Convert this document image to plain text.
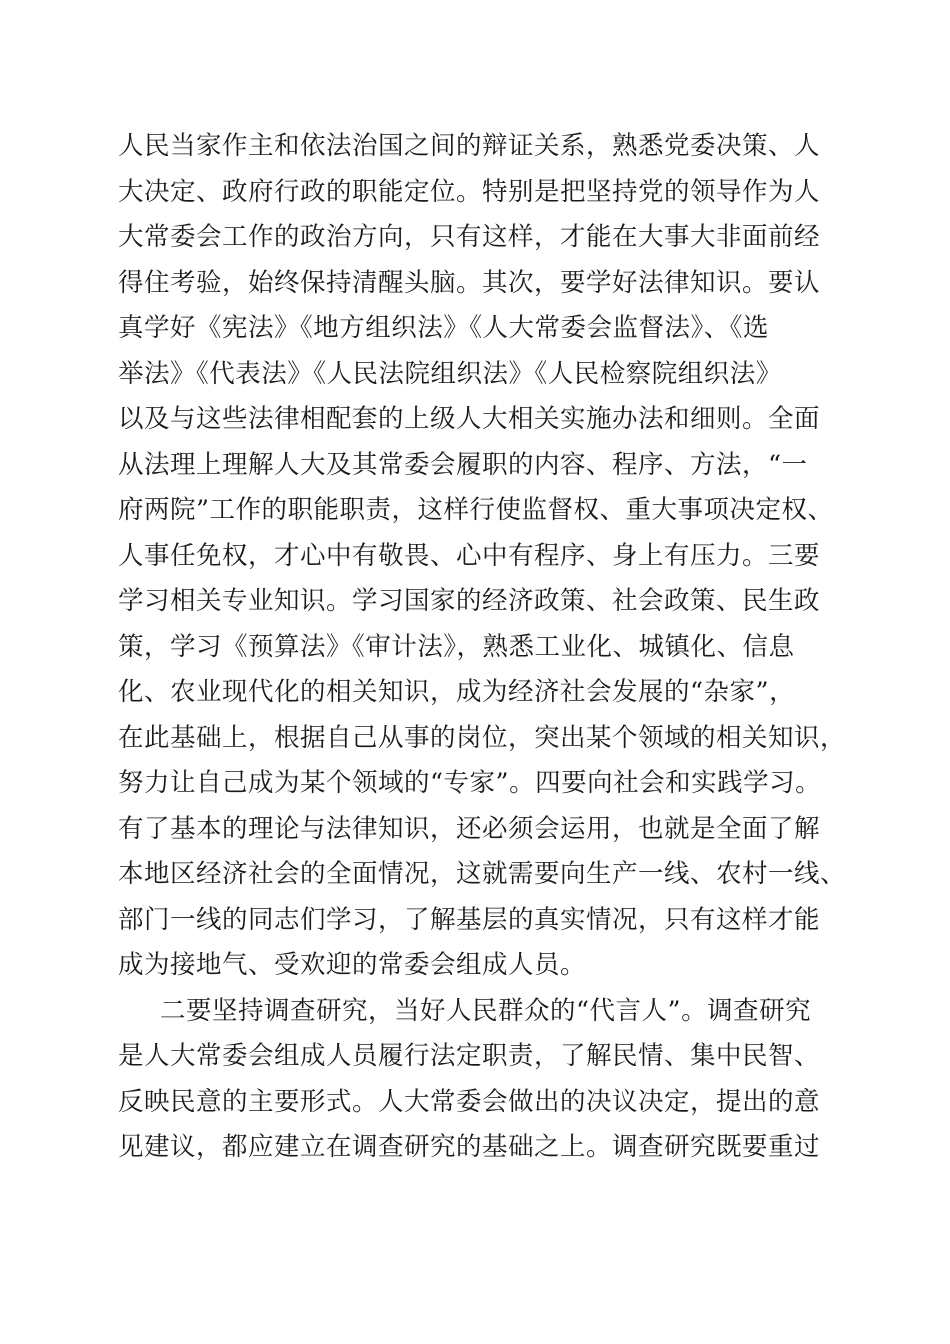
人民当家作主和依法治国之间的辩证关系，熟悉党委决策、人
大决定、政府行政的职能定位。特别是把坚持党的领导作为人
大常委会工作的政治方向，只有这样，才能在大事大非面前经
得住考验，始终保持清醒头脑。其次，要学好法律知识。要认
真学好《宪法》《地方组织法》《人大常委会监督法》、《选
举法》《代表法》《人民法院组织法》《人民检察院组织法》
以及与这些法律相配套的上级人大相关实施办法和细则。全面
从法理上理解人大及其常委会履职的内容、程序、方法，“一
府两院”工作的职能职责，这样行使监督权、重大事项决定权、
人事任免权，才心中有敬畏、心中有程序、身上有压力。三要
学习相关专业知识。学习国家的经济政策、社会政策、民生政
策，学习《预算法》《审计法》，熟悉工业化、城镇化、信息
化、农业现代化的相关知识，成为经济社会发展的“杂家”，
在此基础上，根据自己从事的岗位，突出某个领域的相关知识，
努力让自己成为某个领域的“专家”。四要向社会和实践学习。
有了基本的理论与法律知识，还必须会运用，也就是全面了解
本地区经济社会的全面情况，这就需要向生产一线、农村一线、
部门一线的同志们学习，了解基层的真实情况，只有这样才能
成为接地气、受欢迎的常委会组成人员。
二要坚持调查研究，当好人民群众的“代言人”。调查研究
是人大常委会组成人员履行法定职责，了解民情、集中民智、
反映民意的主要形式。人大常委会做出的决议决定，提出的意
见建议，都应建立在调查研究的基础之上。调查研究既要重过
